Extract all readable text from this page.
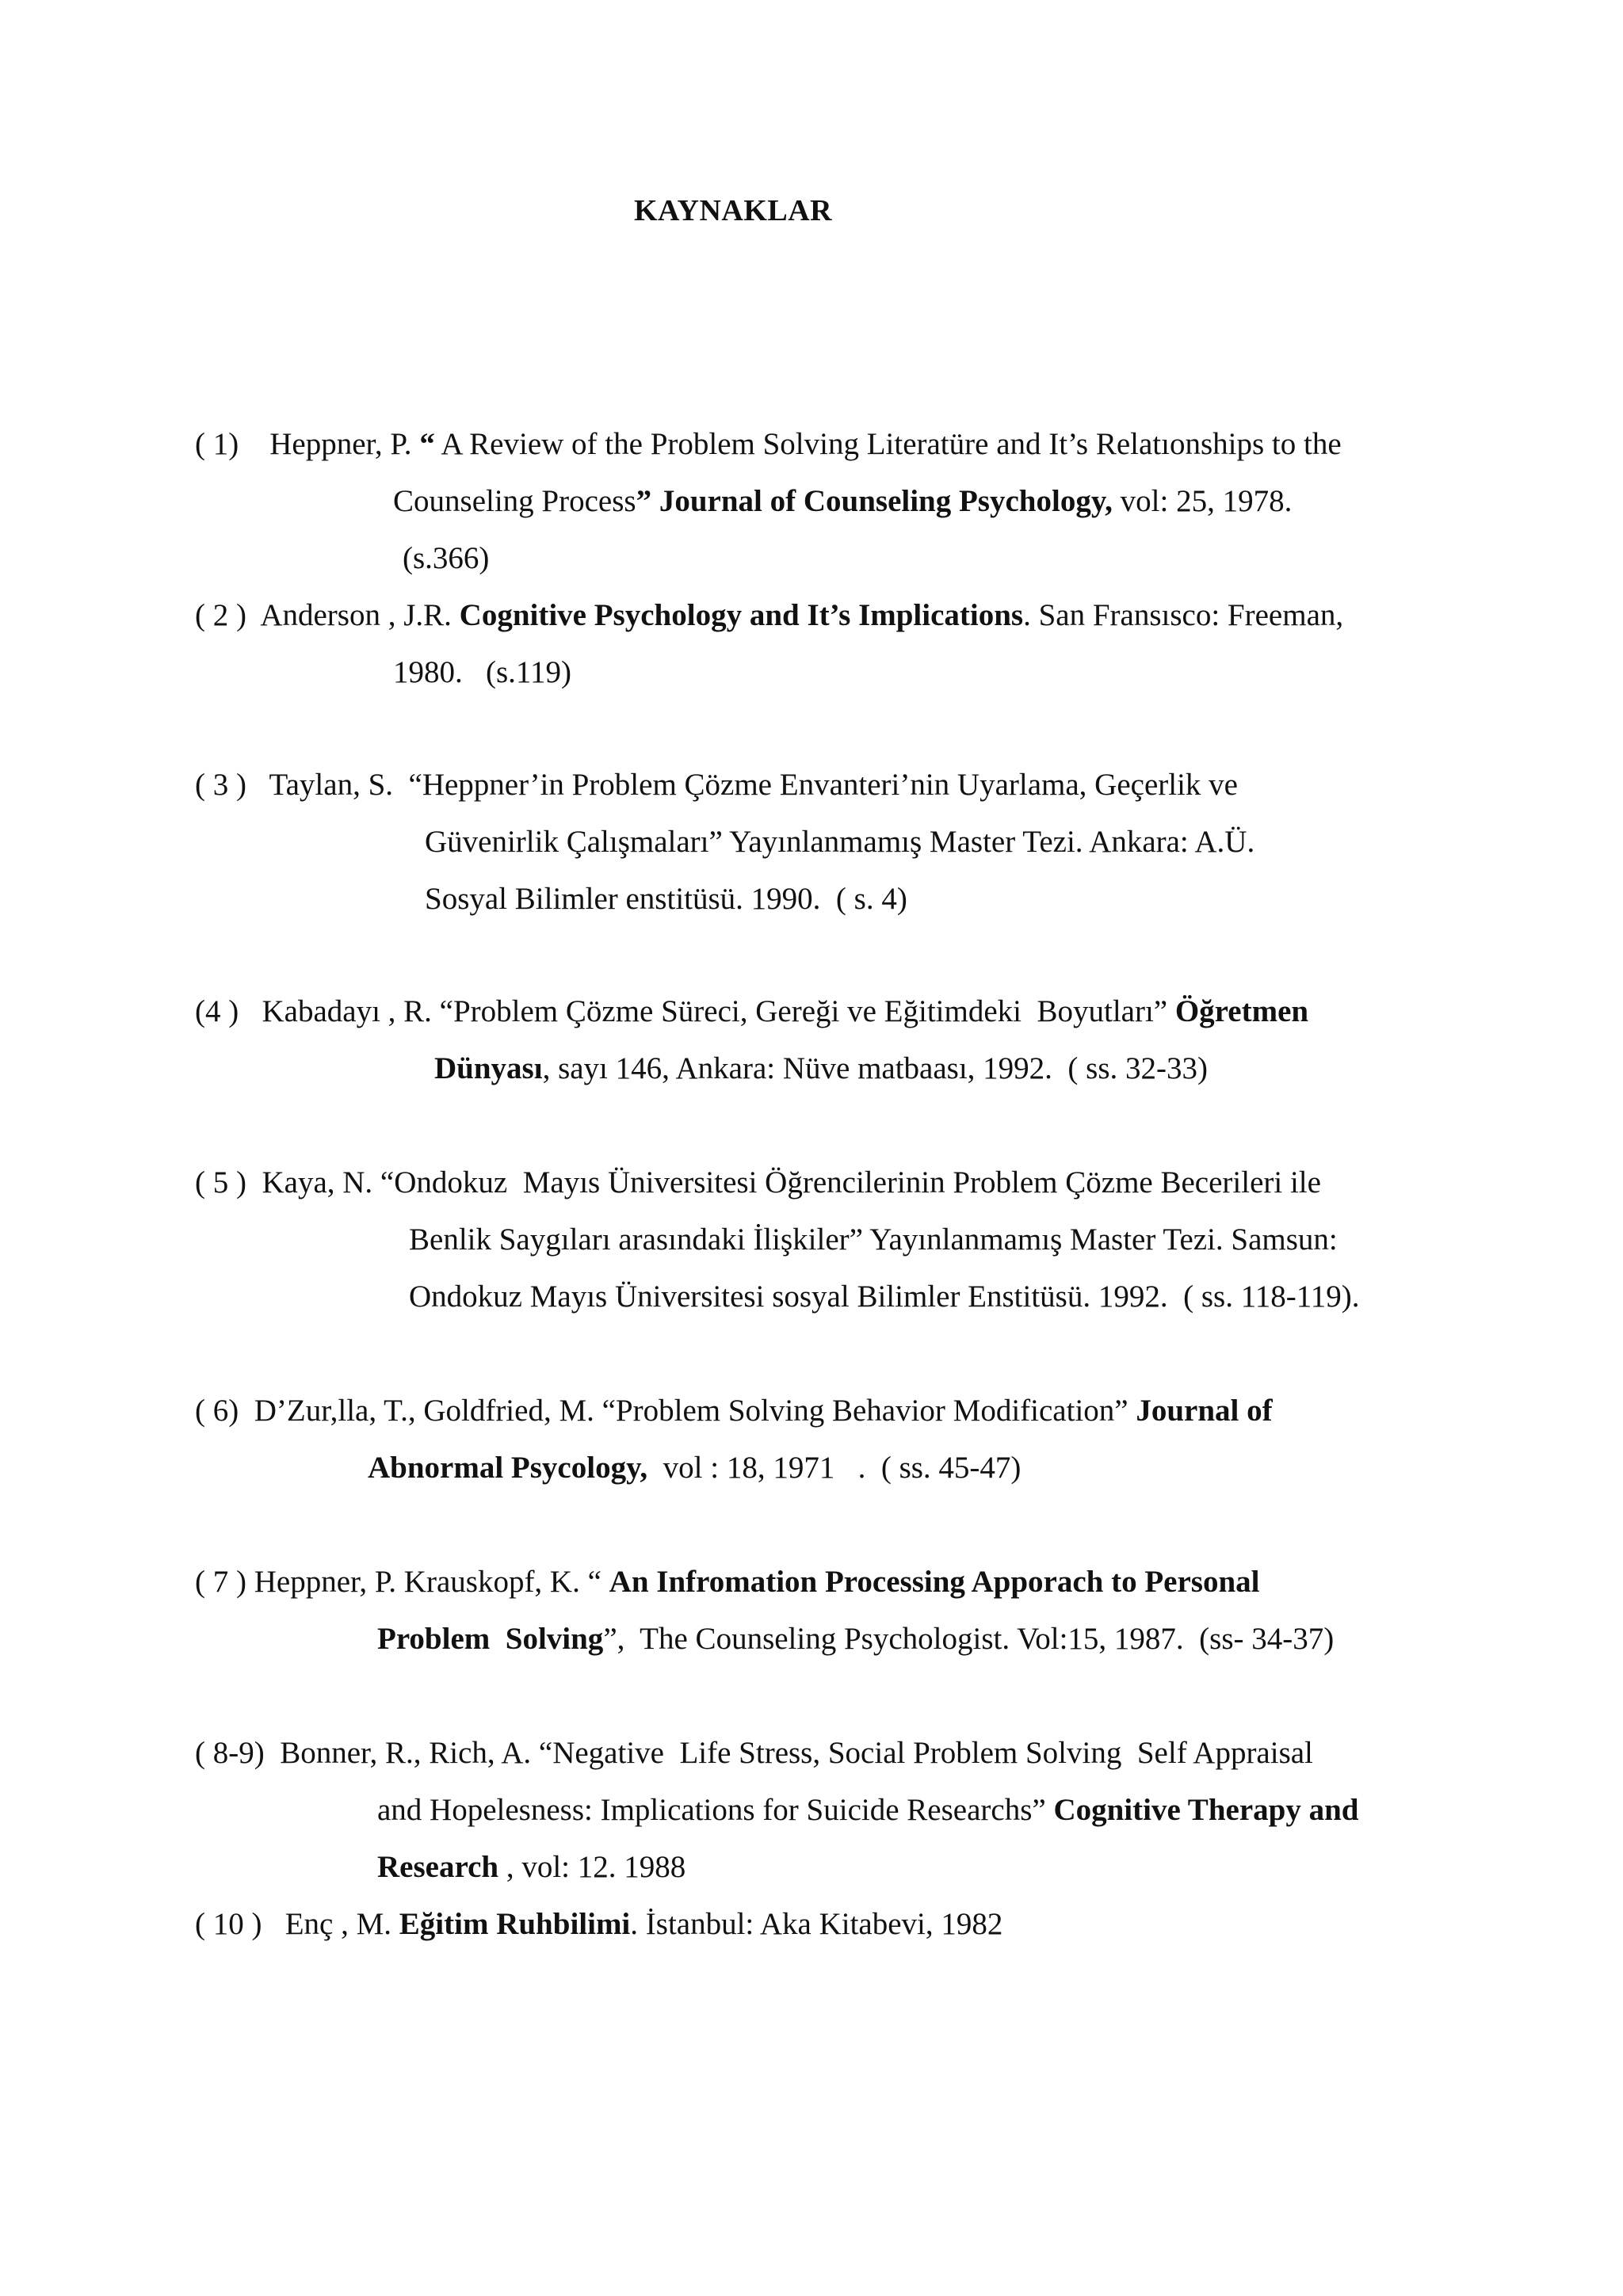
KAYNAKLAR
( 1)    Heppner, P. “ A Review of the Problem Solving Literatüre and It’s Relatıonships to the
Counseling Process” Journal of Counseling Psychology, vol: 25, 1978.
(s.366)
( 2 )  Anderson , J.R. Cognitive Psychology and It’s Implications. San Fransısco: Freeman,
1980.   (s.119)
( 3 )   Taylan, S.  “Heppner’in Problem Çözme Envanteri’nin Uyarlama, Geçerlik ve
Güvenirlik Çalışmaları” Yayınlanmamış Master Tezi. Ankara: A.Ü.
Sosyal Bilimler enstitüsü. 1990.  ( s. 4)
(4 )   Kabadayı , R. “Problem Çözme Süreci, Gereği ve Eğitimdeki  Boyutları” Öğretmen
Dünyası, sayı 146, Ankara: Nüve matbaası, 1992.  ( ss. 32-33)
( 5 )  Kaya, N. “Ondokuz  Mayıs Üniversitesi Öğrencilerinin Problem Çözme Becerileri ile
Benlik Saygıları arasındaki İlişkiler” Yayınlanmamış Master Tezi. Samsun:
Ondokuz Mayıs Üniversitesi sosyal Bilimler Enstitüsü. 1992.  ( ss. 118-119).
( 6)  D’Zur,lla, T., Goldfried, M. “Problem Solving Behavior Modification” Journal of
Abnormal Psycology,  vol : 18, 1971   .  ( ss. 45-47)
( 7 ) Heppner, P. Krauskopf, K. “ An Infromation Processing Apporach to Personal
Problem  Solving”,  The Counseling Psychologist. Vol:15, 1987.  (ss- 34-37)
( 8-9)  Bonner, R., Rich, A. “Negative  Life Stress, Social Problem Solving  Self Appraisal
and Hopelesness: Implications for Suicide Researchs” Cognitive Therapy and
Research , vol: 12. 1988
( 10 )   Enç , M. Eğitim Ruhbilimi. İstanbul: Aka Kitabevi, 1982
